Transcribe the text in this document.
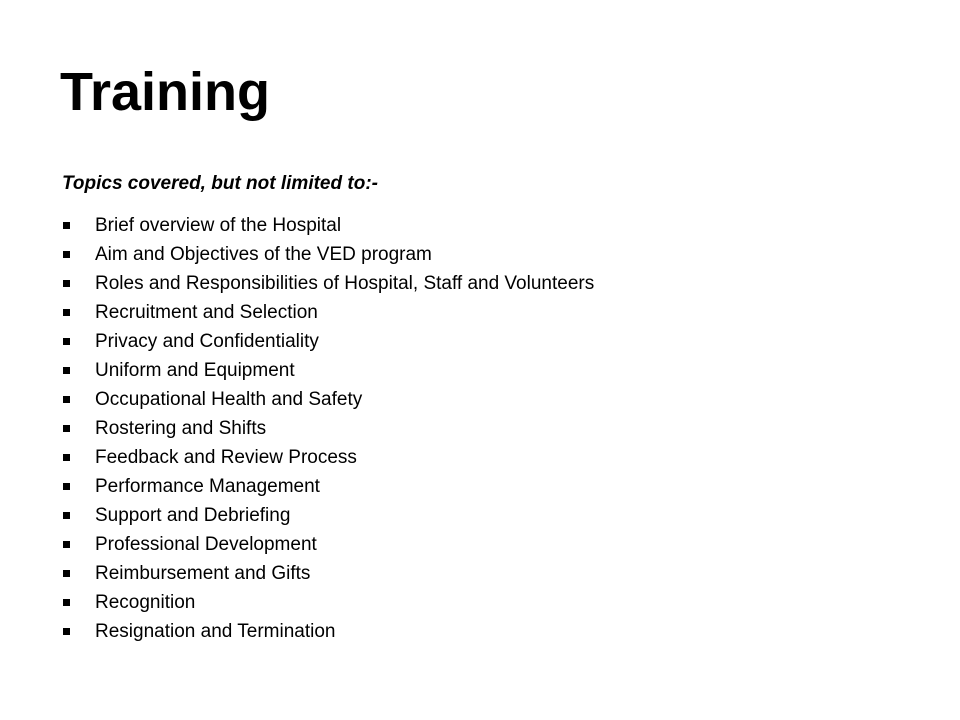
Training

Topics covered, but not limited to:-

Brief overview of the Hospital
Aim and Objectives of the VED program
Roles and Responsibilities of Hospital, Staff and Volunteers
Recruitment and Selection
Privacy and Confidentiality
Uniform and Equipment
Occupational Health and Safety
Rostering and Shifts
Feedback and Review Process
Performance Management
Support and Debriefing
Professional Development
Reimbursement and Gifts
Recognition
Resignation and Termination
